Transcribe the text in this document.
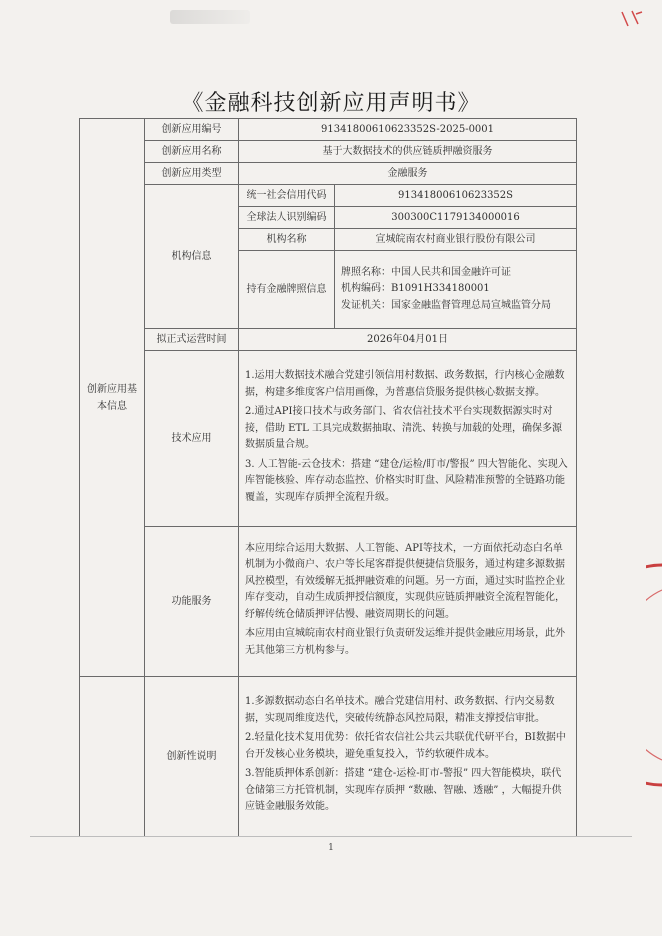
《金融科技创新应用声明书》
创新应用基本信息	创新应用编号	91341800610623352S-2025-0001	
	创新应用名称	基于大数据技术的供应链质押融资服务	
	创新应用类型	金融服务	
	机构信息	统一社会信用代码	91341800610623352S
		全球法人识别编码	300300C1179134000016
		机构名称	宣城皖南农村商业银行股份有限公司
		持有金融牌照信息	牌照名称：中国人民共和国金融许可证
机构编码：B1091H334180001
发证机关：国家金融监督管理总局宣城监管分局

	拟正式运营时间	2026年04月01日	
	技术应用	1.运用大数据技术融合党建引领信用村数据、政务数据，行内核心金融数据，构建多维度客户信用画像，为普惠信贷服务提供核心数据支撑。

2.通过API接口技术与政务部门、省农信社技术平台实现数据源实时对接，借助 ETL 工具完成数据抽取、清洗、转换与加载的处理，确保多源数据质量合规。

3. 人工智能-云仓技术：搭建 “建仓/运检/盯市/警报” 四大智能化、实现入库智能核验、库存动态监控、价格实时盯盘、风险精准预警的全链路功能覆盖，实现库存质押全流程升级。	

	功能服务	本应用综合运用大数据、人工智能、API等技术，一方面依托动态白名单机制为小微商户、农户等长尾客群提供便捷信贷服务，通过构建多源数据风控模型，有效缓解无抵押融资难的问题。另一方面，通过实时监控企业库存变动，自动生成质押授信额度，实现供应链质押融资全流程智能化，纾解传统仓储质押评估慢、融资周期长的问题。

本应用由宣城皖南农村商业银行负责研发运维并提供金融应用场景，此外无其他第三方机构参与。	

	创新性说明	1.多源数据动态白名单技术。融合党建信用村、政务数据、行内交易数据，实现周维度迭代，突破传统静态风控局限，精准支撑授信审批。

2.轻量化技术复用优势：依托省农信社公共云共联优代研平台，BI数据中台开发核心业务模块，避免重复投入，节约软硬件成本。

3.智能质押体系创新：搭建 “建仓-运检-盯市-警报” 四大智能模块，联代仓储第三方托管机制，实现库存质押 “数融、智融、透融” ，大幅提升供应链金融服务效能。	

1
